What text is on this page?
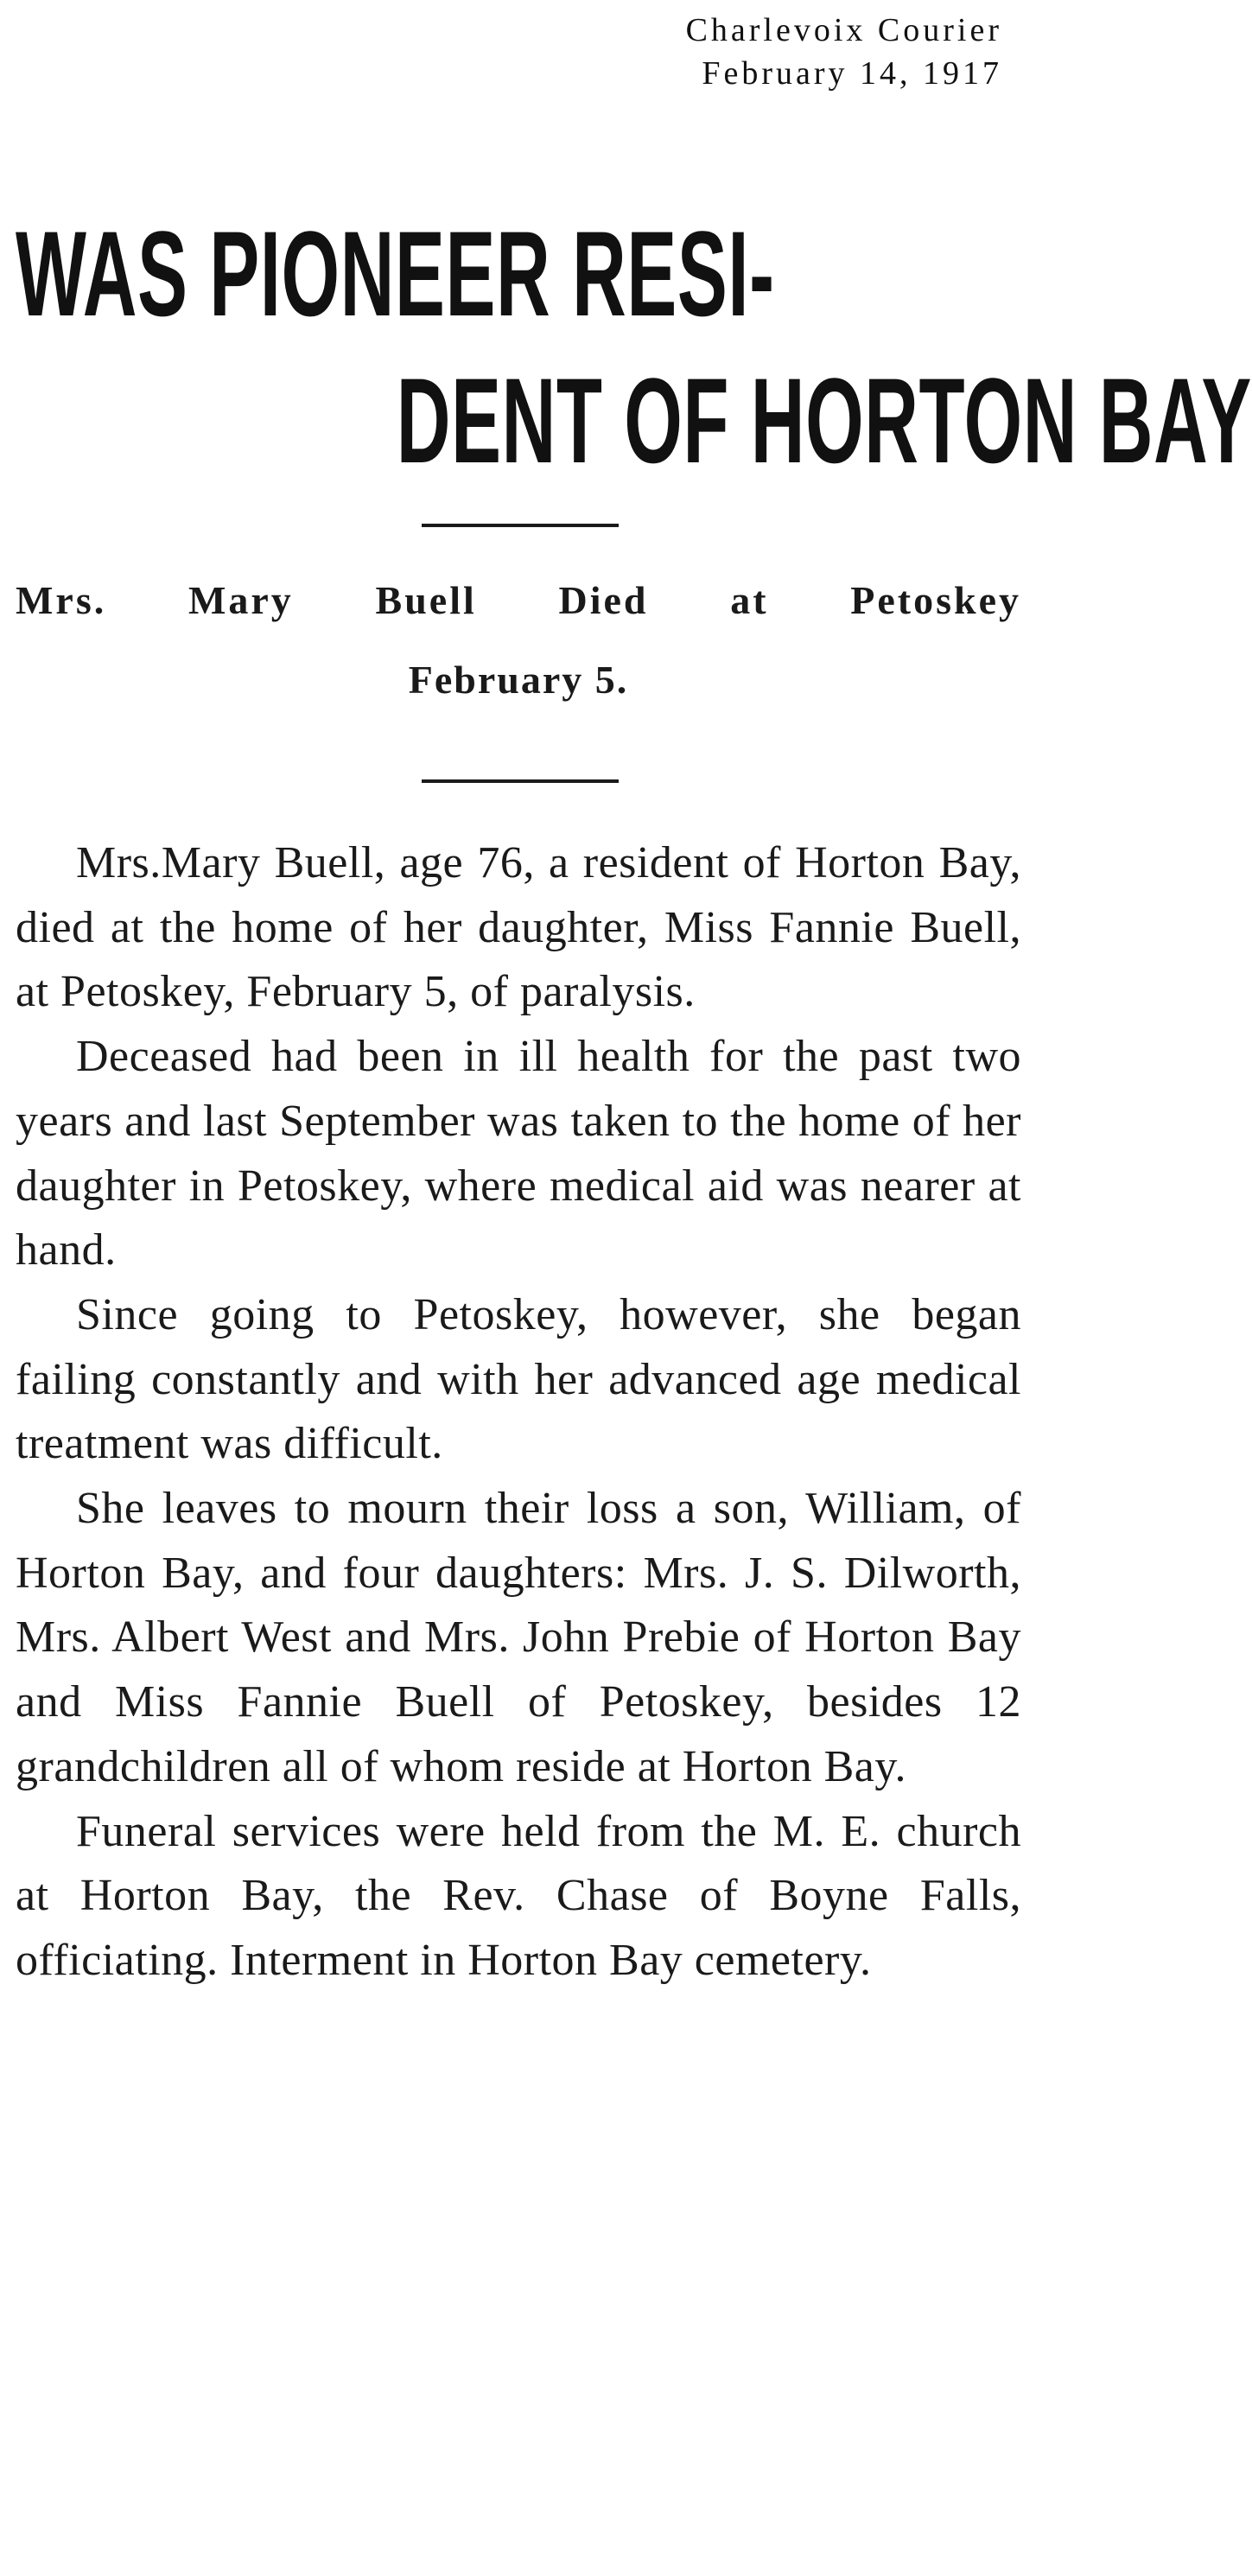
Charlevoix Courier
February 14, 1917
WAS PIONEER RESI-
DENT OF HORTON BAY
Mrs. Mary Buell Died at Petoskey
February 5.

Mrs.Mary Buell, age 76, a resident of Horton Bay, died at the home of her daughter, Miss Fannie Buell, at Petoskey, February 5, of paralysis.

Deceased had been in ill health for the past two years and last September was taken to the home of her daughter in Petoskey, where medical aid was nearer at hand.

Since going to Petoskey, however, she began failing constantly and with her advanced age medical treatment was difficult.

She leaves to mourn their loss a son, William, of Horton Bay, and four daughters: Mrs. J. S. Dilworth, Mrs. Albert West and Mrs. John Prebie of Horton Bay and Miss Fannie Buell of Petoskey, besides 12 grandchildren all of whom reside at Horton Bay.

Funeral services were held from the M. E. church at Horton Bay, the Rev. Chase of Boyne Falls, officiating. Interment in Horton Bay cemetery.
